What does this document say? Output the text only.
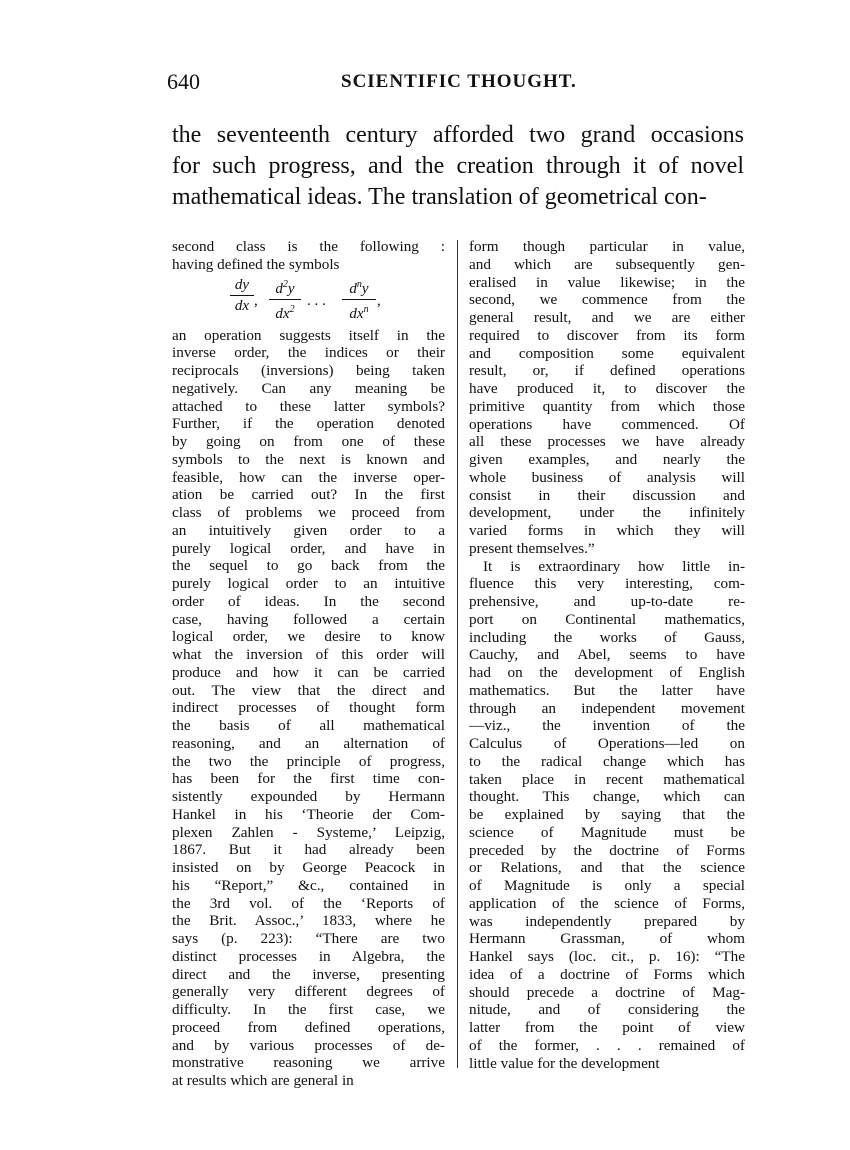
640	SCIENTIFIC THOUGHT.

the seventeenth century afforded two grand occasions
for such progress, and the creation through it of novel
mathematical ideas. The translation of geometrical con-

second class is the following :
having defined the symbols
dy
dx ,
$d^2y$
$dx^2$
. . .
$d^ny$
$dx^n$
,
an operation suggests itself in the
inverse order, the indices or their
reciprocals (inversions) being taken
negatively. Can any meaning be
attached to these latter symbols?
Further, if the operation denoted
by going on from one of these
symbols to the next is known and
feasible, how can the inverse oper-
ation be carried out? In the first
class of problems we proceed from
an intuitively given order to a
purely logical order, and have in
the sequel to go back from the
purely logical order to an intuitive
order of ideas. In the second
case, having followed a certain
logical order, we desire to know
what the inversion of this order will
produce and how it can be carried
out. The view that the direct and
indirect processes of thought form
the basis of all mathematical
reasoning, and an alternation of
the two the principle of progress,
has been for the first time con-
sistently expounded by Hermann
Hankel in his ‘Theorie der Com-
plexen Zahlen - Systeme,’ Leipzig,
1867. But it had already been
insisted on by George Peacock in
his “Report,” &c., contained in
the 3rd vol. of the ‘Reports of
the Brit. Assoc.,’ 1833, where he
says (p. 223): “There are two
distinct processes in Algebra, the
direct and the inverse, presenting
generally very different degrees of
difficulty. In the first case, we
proceed from defined operations,
and by various processes of de-
monstrative reasoning we arrive
at results which are general in
form though particular in value,
and which are subsequently gen-
eralised in value likewise; in the
second, we commence from the
general result, and we are either
required to discover from its form
and composition some equivalent
result, or, if defined operations
have produced it, to discover the
primitive quantity from which those
operations have commenced. Of
all these processes we have already
given examples, and nearly the
whole business of analysis will
consist in their discussion and
development, under the infinitely
varied forms in which they will
present themselves.”
It is extraordinary how little in-
fluence this very interesting, com-
prehensive, and up-to-date re-
port on Continental mathematics,
including the works of Gauss,
Cauchy, and Abel, seems to have
had on the development of English
mathematics. But the latter have
through an independent movement
—viz., the invention of the
Calculus of Operations—led on
to the radical change which has
taken place in recent mathematical
thought. This change, which can
be explained by saying that the
science of Magnitude must be
preceded by the doctrine of Forms
or Relations, and that the science
of Magnitude is only a special
application of the science of Forms,
was independently prepared by
Hermann Grassman, of whom
Hankel says (loc. cit., p. 16): “The
idea of a doctrine of Forms which
should precede a doctrine of Mag-
nitude, and of considering the
latter from the point of view
of the former, . . . remained of
little value for the development
